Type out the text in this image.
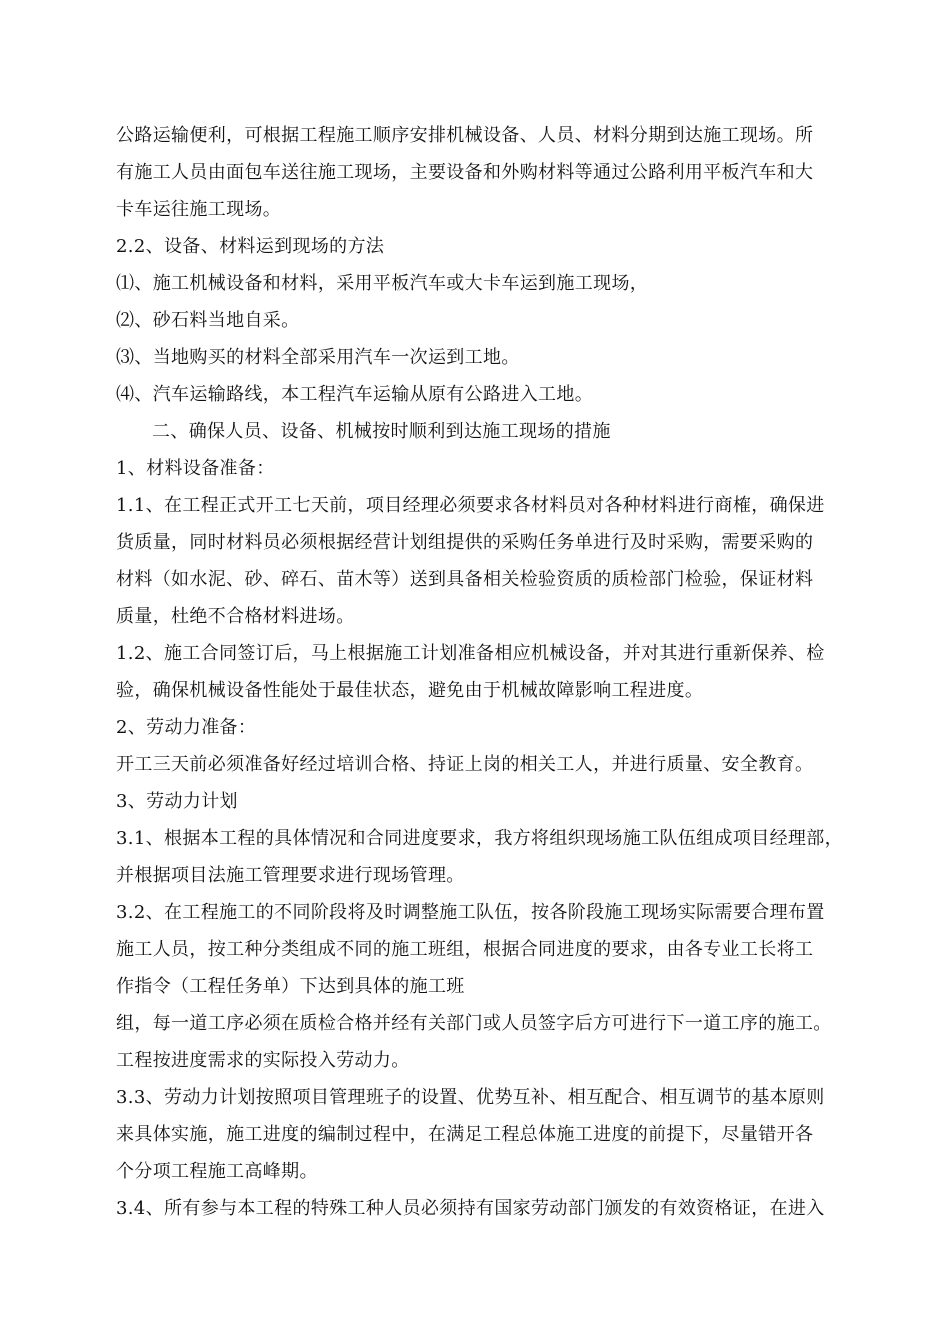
公路运输便利，可根据工程施工顺序安排机械设备、人员、材料分期到达施工现场。所
有施工人员由面包车送往施工现场，主要设备和外购材料等通过公路利用平板汽车和大
卡车运往施工现场。
2.2、设备、材料运到现场的方法
⑴、施工机械设备和材料，采用平板汽车或大卡车运到施工现场，
⑵、砂石料当地自采。
⑶、当地购买的材料全部采用汽车一次运到工地。
⑷、汽车运输路线，本工程汽车运输从原有公路进入工地。
二、确保人员、设备、机械按时顺利到达施工现场的措施
1、材料设备准备：
1.1、在工程正式开工七天前，项目经理必须要求各材料员对各种材料进行商榷，确保进
货质量，同时材料员必须根据经营计划组提供的采购任务单进行及时采购，需要采购的
材料（如水泥、砂、碎石、苗木等）送到具备相关检验资质的质检部门检验，保证材料
质量，杜绝不合格材料进场。
1.2、施工合同签订后，马上根据施工计划准备相应机械设备，并对其进行重新保养、检
验，确保机械设备性能处于最佳状态，避免由于机械故障影响工程进度。
2、劳动力准备：
开工三天前必须准备好经过培训合格、持证上岗的相关工人，并进行质量、安全教育。
3、劳动力计划
3.1、根据本工程的具体情况和合同进度要求，我方将组织现场施工队伍组成项目经理部，
并根据项目法施工管理要求进行现场管理。
3.2、在工程施工的不同阶段将及时调整施工队伍，按各阶段施工现场实际需要合理布置
施工人员，按工种分类组成不同的施工班组，根据合同进度的要求，由各专业工长将工
作指令（工程任务单）下达到具体的施工班
组，每一道工序必须在质检合格并经有关部门或人员签字后方可进行下一道工序的施工。
工程按进度需求的实际投入劳动力。
3.3、劳动力计划按照项目管理班子的设置、优势互补、相互配合、相互调节的基本原则
来具体实施，施工进度的编制过程中，在满足工程总体施工进度的前提下，尽量错开各
个分项工程施工高峰期。
3.4、所有参与本工程的特殊工种人员必须持有国家劳动部门颁发的有效资格证，在进入
